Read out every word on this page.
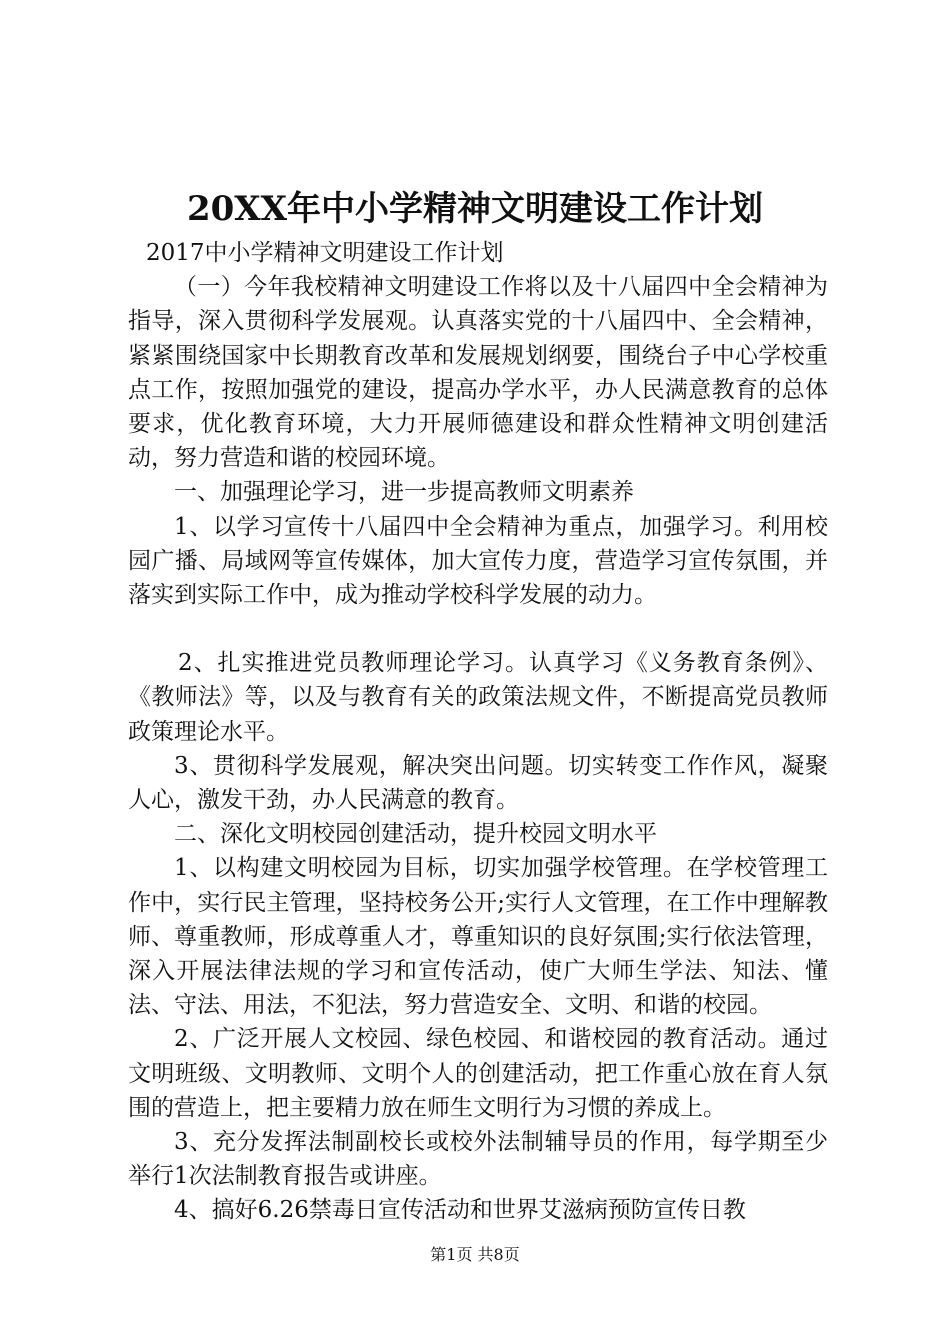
20XX年中小学精神文明建设工作计划

2017中小学精神文明建设工作计划

（一）今年我校精神文明建设工作将以及十八届四中全会精神为指导，深入贯彻科学发展观。认真落实党的十八届四中、全会精神，紧紧围绕国家中长期教育改革和发展规划纲要，围绕台子中心学校重点工作，按照加强党的建设，提高办学水平，办人民满意教育的总体要求，优化教育环境，大力开展师德建设和群众性精神文明创建活动，努力营造和谐的校园环境。

一、加强理论学习，进一步提高教师文明素养

1、以学习宣传十八届四中全会精神为重点，加强学习。利用校园广播、局域网等宣传媒体，加大宣传力度，营造学习宣传氛围，并落实到实际工作中，成为推动学校科学发展的动力。

2、扎实推进党员教师理论学习。认真学习《义务教育条例》、《教师法》等，以及与教育有关的政策法规文件，不断提高党员教师政策理论水平。

3、贯彻科学发展观，解决突出问题。切实转变工作作风，凝聚人心，激发干劲，办人民满意的教育。

二、深化文明校园创建活动，提升校园文明水平

1、以构建文明校园为目标，切实加强学校管理。在学校管理工作中，实行民主管理，坚持校务公开;实行人文管理，在工作中理解教师、尊重教师，形成尊重人才，尊重知识的良好氛围;实行依法管理，深入开展法律法规的学习和宣传活动，使广大师生学法、知法、懂法、守法、用法，不犯法，努力营造安全、文明、和谐的校园。

2、广泛开展人文校园、绿色校园、和谐校园的教育活动。通过文明班级、文明教师、文明个人的创建活动，把工作重心放在育人氛围的营造上，把主要精力放在师生文明行为习惯的养成上。

3、充分发挥法制副校长或校外法制辅导员的作用，每学期至少举行1次法制教育报告或讲座。

4、搞好6.26禁毒日宣传活动和世界艾滋病预防宣传日教

第1页 共8页
